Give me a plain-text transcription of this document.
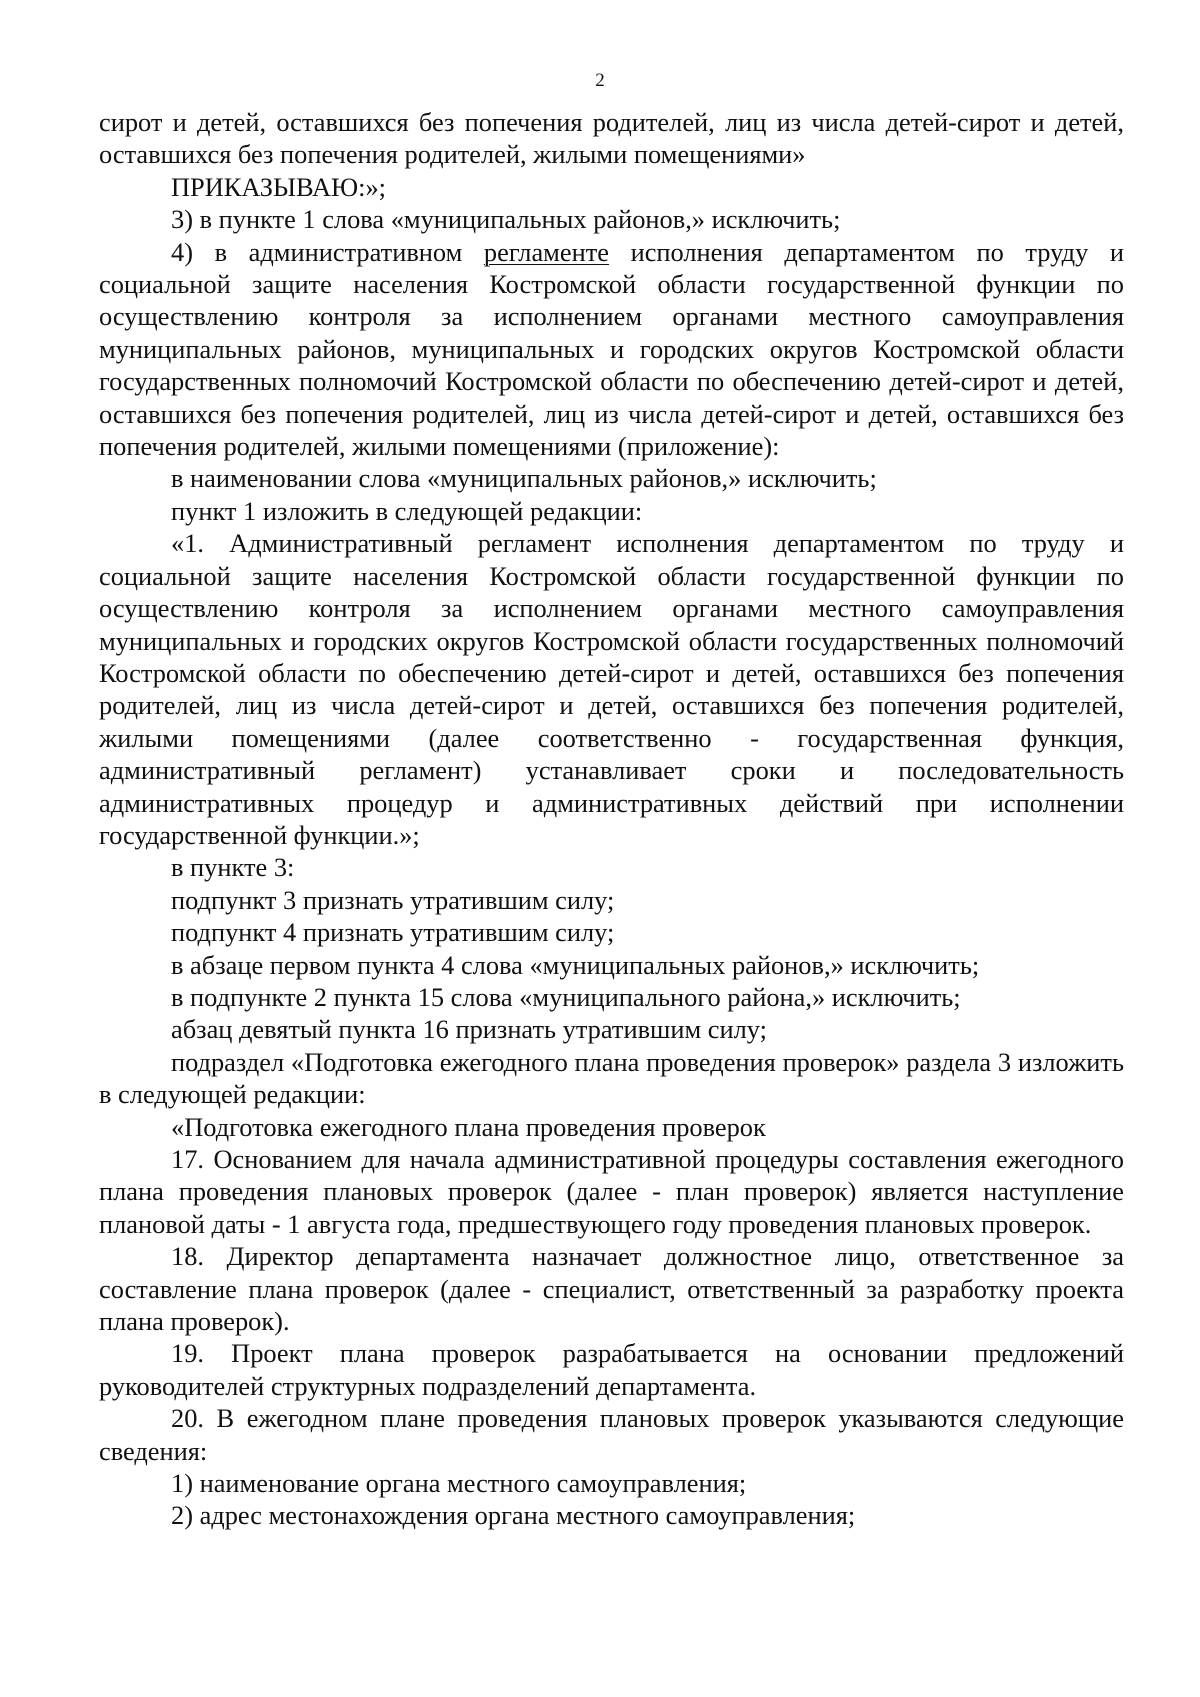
2

сирот и детей, оставшихся без попечения родителей, лиц из числа детей-сирот и детей, оставшихся без попечения родителей, жилыми помещениями»

ПРИКАЗЫВАЮ:»;

3) в пункте 1 слова «муниципальных районов,» исключить;

4) в административном регламенте исполнения департаментом по труду и социальной защите населения Костромской области государственной функции по осуществлению контроля за исполнением органами местного самоуправления муниципальных районов, муниципальных и городских округов Костромской области государственных полномочий Костромской области по обеспечению детей-сирот и детей, оставшихся без попечения родителей, лиц из числа детей-сирот и детей, оставшихся без попечения родителей, жилыми помещениями (приложение):

в наименовании слова «муниципальных районов,» исключить;

пункт 1 изложить в следующей редакции:

«1. Административный регламент исполнения департаментом по труду и социальной защите населения Костромской области государственной функции по осуществлению контроля за исполнением органами местного самоуправления муниципальных и городских округов Костромской области государственных полномочий Костромской области по обеспечению детей-сирот и детей, оставшихся без попечения родителей, лиц из числа детей-сирот и детей, оставшихся без попечения родителей, жилыми помещениями (далее соответственно - государственная функция, административный регламент) устанавливает сроки и последовательность административных процедур и административных действий при исполнении государственной функции.»;

в пункте 3:

подпункт 3 признать утратившим силу;

подпункт 4 признать утратившим силу;

в абзаце первом пункта 4 слова «муниципальных районов,» исключить;

в подпункте 2 пункта 15 слова «муниципального района,» исключить;

абзац девятый пункта 16 признать утратившим силу;

подраздел «Подготовка ежегодного плана проведения проверок» раздела 3 изложить в следующей редакции:

«Подготовка ежегодного плана проведения проверок

17. Основанием для начала административной процедуры составления ежегодного плана проведения плановых проверок (далее - план проверок) является наступление плановой даты - 1 августа года, предшествующего году проведения плановых проверок.

18. Директор департамента назначает должностное лицо, ответственное за составление плана проверок (далее - специалист, ответственный за разработку проекта плана проверок).

19. Проект плана проверок разрабатывается на основании предложений руководителей структурных подразделений департамента.

20. В ежегодном плане проведения плановых проверок указываются следующие сведения:

1) наименование органа местного самоуправления;

2) адрес местонахождения органа местного самоуправления;
